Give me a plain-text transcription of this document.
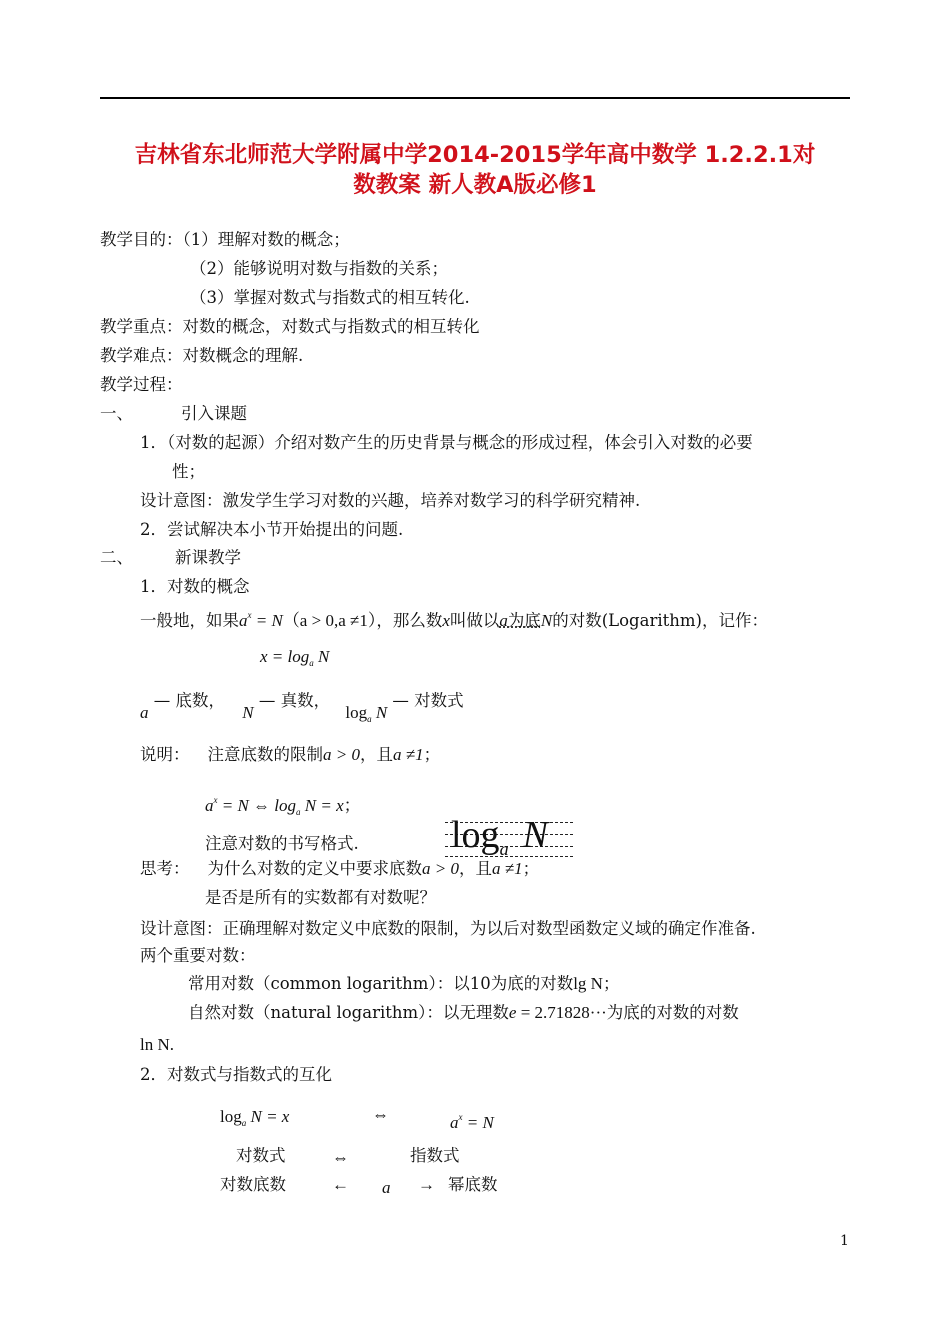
吉林省东北师范大学附属中学2014-2015学年高中数学 1.2.2.1对
数教案 新人教A版必修1
教学目的：（1）理解对数的概念；
（2）能够说明对数与指数的关系；
（3）掌握对数式与指数式的相互转化.
教学重点：对数的概念，对数式与指数式的相互转化
教学难点：对数概念的理解.
教学过程：
一、	引入课题
1．（对数的起源）介绍对数产生的历史背景与概念的形成过程，体会引入对数的必要
性；
设计意图：激发学生学习对数的兴趣，培养对数学习的科学研究精神.
2．尝试解决本小节开始提出的问题.
二、	新课教学
1．对数的概念
一般地，如果$a^x = N(a > 0,a \ne 1)$，那么数x叫做以a为底N的对数(Logarithm)，记作：
$x = \log_a N$
a — 底数， N — 真数， $\log_a N$ — 对数式
说明： 注意底数的限制a > 0，且a ≠1；
$a^x = N$ ⇔ $\log_a N = x$；
注意对数的书写格式. $\log_a N$
思考： 为什么对数的定义中要求底数a > 0，且a ≠1；
是否是所有的实数都有对数呢？
设计意图：正确理解对数定义中底数的限制，为以后对数型函数定义域的确定作准备.
两个重要对数：
常用对数（common logarithm）：以10为底的对数lg N；
自然对数（natural logarithm）：以无理数e = 2.71828···为底的对数的对数
ln N.
2．对数式与指数式的互化
$\log_a N = x$	⇔	$a^x = N$
对数式	⇔	指数式
对数底数	← a → 幂底数
1
